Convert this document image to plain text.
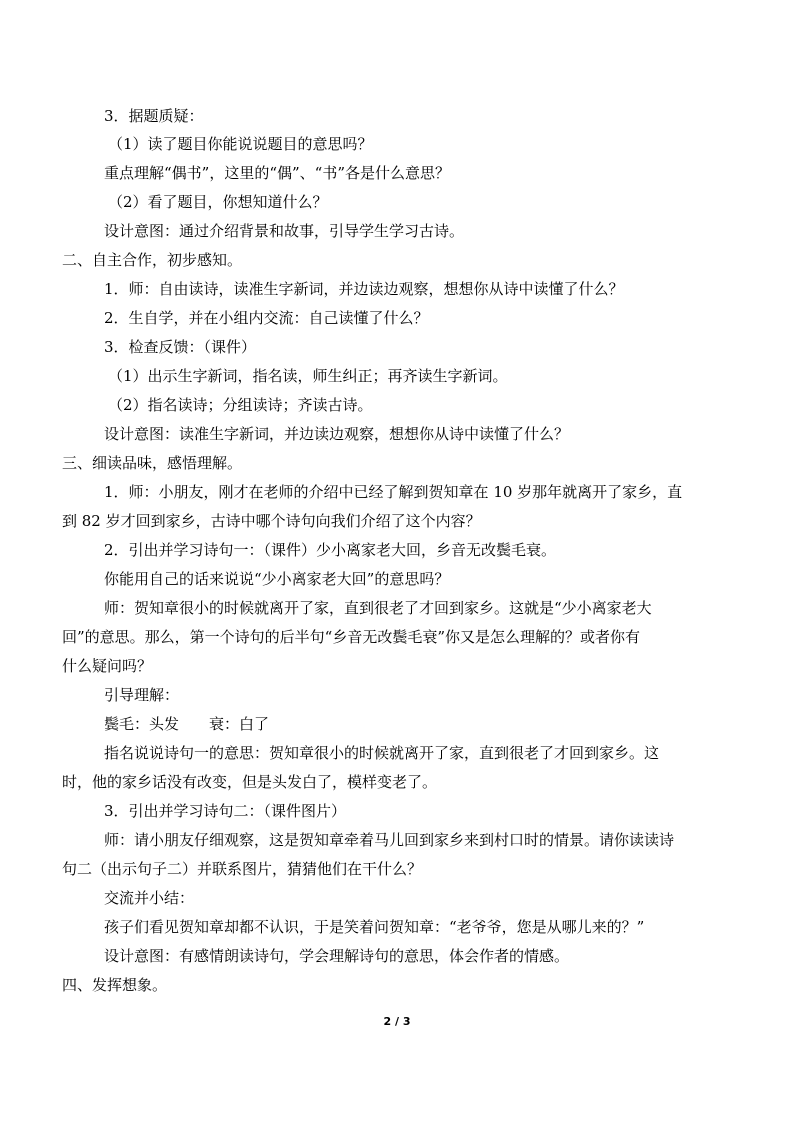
3．据题质疑：
（1）读了题目你能说说题目的意思吗？
重点理解“偶书”，这里的“偶”、“书”各是什么意思？
（2）看了题目，你想知道什么？
设计意图：通过介绍背景和故事，引导学生学习古诗。
二、自主合作，初步感知。
1．师：自由读诗，读准生字新词，并边读边观察，想想你从诗中读懂了什么？
2．生自学，并在小组内交流：自己读懂了什么？
3．检查反馈：（课件）
（1）出示生字新词，指名读，师生纠正；再齐读生字新词。
（2）指名读诗；分组读诗；齐读古诗。
设计意图：读准生字新词，并边读边观察，想想你从诗中读懂了什么？
三、细读品味，感悟理解。
1．师：小朋友，刚才在老师的介绍中已经了解到贺知章在 10 岁那年就离开了家乡，直
到 82 岁才回到家乡，古诗中哪个诗句向我们介绍了这个内容？
2．引出并学习诗句一：（课件）少小离家老大回，乡音无改鬓毛衰。
你能用自己的话来说说“少小离家老大回”的意思吗？
师：贺知章很小的时候就离开了家，直到很老了才回到家乡。这就是“少小离家老大
回”的意思。那么，第一个诗句的后半句“乡音无改鬓毛衰”你又是怎么理解的？或者你有
什么疑问吗？
引导理解：
鬓毛：头发　　衰：白了
指名说说诗句一的意思：贺知章很小的时候就离开了家，直到很老了才回到家乡。这
时，他的家乡话没有改变，但是头发白了，模样变老了。
3．引出并学习诗句二：（课件图片）
师：请小朋友仔细观察，这是贺知章牵着马儿回到家乡来到村口时的情景。请你读读诗
句二（出示句子二）并联系图片，猜猜他们在干什么？
交流并小结：
孩子们看见贺知章却都不认识，于是笑着问贺知章：“老爷爷，您是从哪儿来的？”
设计意图：有感情朗读诗句，学会理解诗句的意思，体会作者的情感。
四、发挥想象。
2 / 3
